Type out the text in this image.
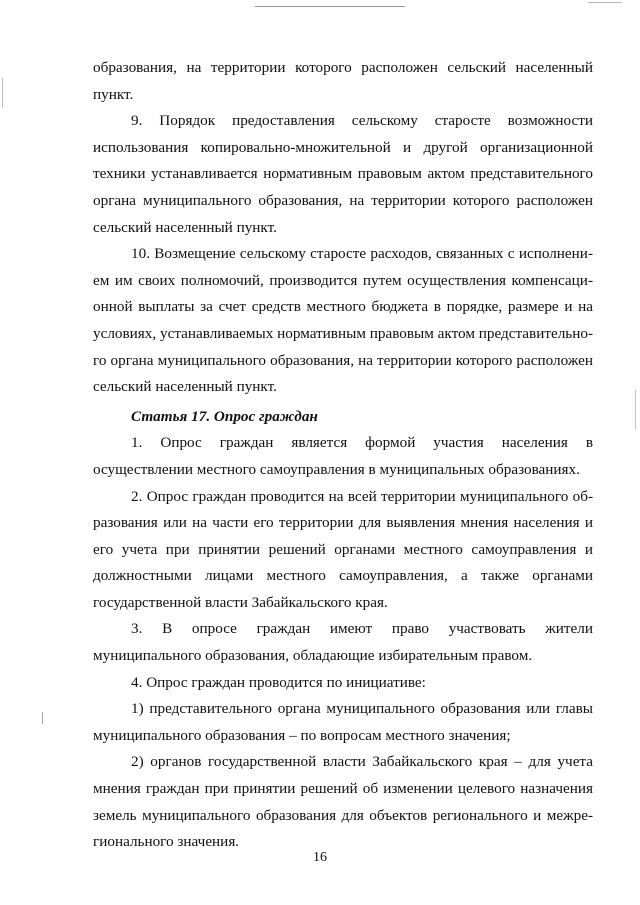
образования, на территории которого расположен сельский населенный пункт.

9. Порядок предоставления сельскому старосте возможности использования копировально-множительной и другой организационной техники устанавливается нормативным правовым актом представительного органа муниципального образования, на территории которого расположен сельский населенный пункт.

10. Возмещение сельскому старосте расходов, связанных с исполнением им своих полномочий, производится путем осуществления компенсационной выплаты за счет средств местного бюджета в порядке, размере и на условиях, устанавливаемых нормативным правовым актом представительного органа муниципального образования, на территории которого расположен сельский населенный пункт.

Статья 17. Опрос граждан

1. Опрос граждан является формой участия населения в осуществлении местного самоуправления в муниципальных образованиях.

2. Опрос граждан проводится на всей территории муниципального образования или на части его территории для выявления мнения населения и его учета при принятии решений органами местного самоуправления и должностными лицами местного самоуправления, а также органами государственной власти Забайкальского края.

3. В опросе граждан имеют право участвовать жители муниципального образования, обладающие избирательным правом.

4. Опрос граждан проводится по инициативе:

1) представительного органа муниципального образования или главы муниципального образования – по вопросам местного значения;

2) органов государственной власти Забайкальского края – для учета мнения граждан при принятии решений об изменении целевого назначения земель муниципального образования для объектов регионального и межрегионального значения.

16
